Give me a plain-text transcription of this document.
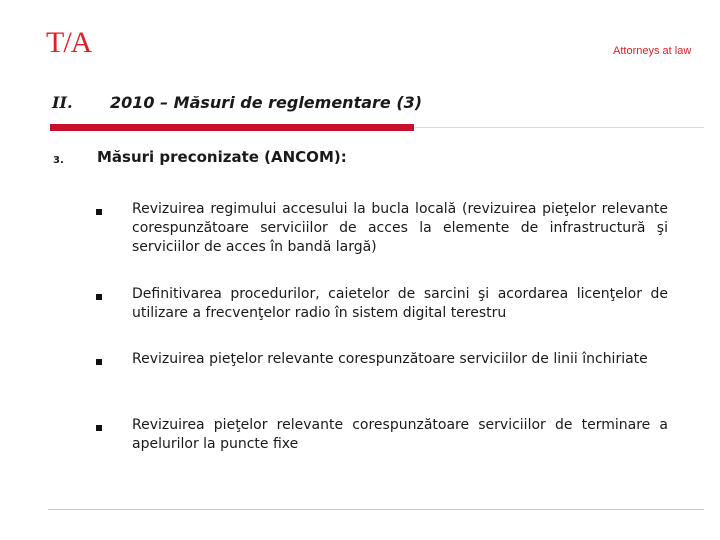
T/A	Attorneys at law
II. 2010 – Măsuri de reglementare (3)
3. Măsuri preconizate (ANCOM):
Revizuirea regimului accesului la bucla locală (revizuirea pieţelor relevante corespunzătoare serviciilor de acces la elemente de infrastructură şi serviciilor de acces în bandă largă)
Definitivarea procedurilor, caietelor de sarcini şi acordarea licenţelor de utilizare a frecvenţelor radio în sistem digital terestru
Revizuirea pieţelor relevante corespunzătoare serviciilor de linii închiriate
Revizuirea pieţelor relevante corespunzătoare serviciilor de terminare a apelurilor la puncte fixe
